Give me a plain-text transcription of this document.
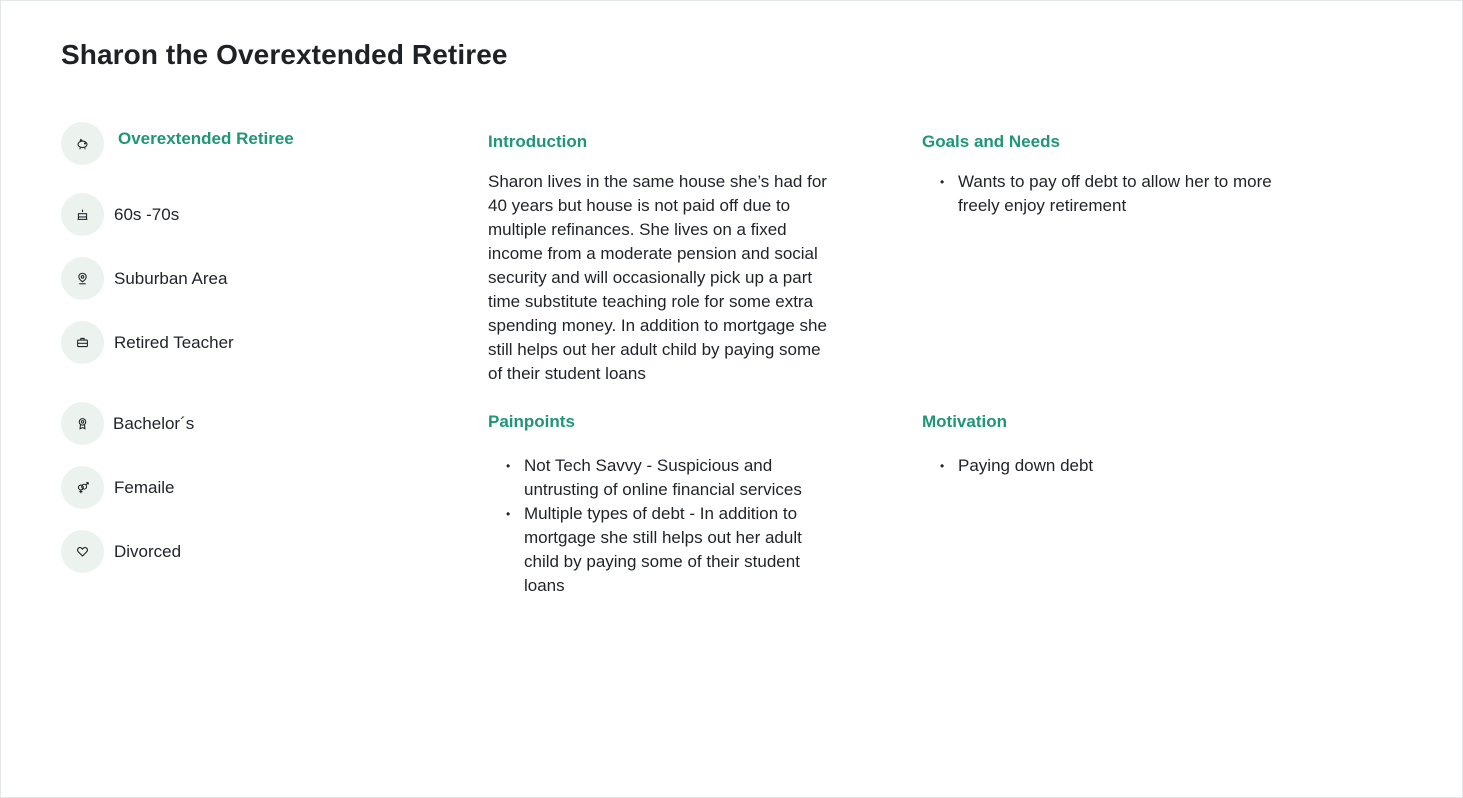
Sharon the Overextended Retiree
Overextended Retiree
60s -70s
Suburban Area
Retired Teacher
Bachelor´s
Femaile
Divorced
Introduction

Sharon lives in the same house she’s had for 40 years but house is not paid off due to multiple refinances. She lives on a fixed income from a moderate pension and social security and will occasionally pick up a part time substitute teaching role for some extra spending money. In addition to mortgage she still helps out her adult child by paying some of their student loans

Goals and Needs
• Wants to pay off debt to allow her to more freely enjoy retirement
Painpoints
• Not Tech Savvy - Suspicious and untrusting of online financial services
• Multiple types of debt - In addition to mortgage she still helps out her adult child by paying some of their student loans
Motivation
• Paying down debt
